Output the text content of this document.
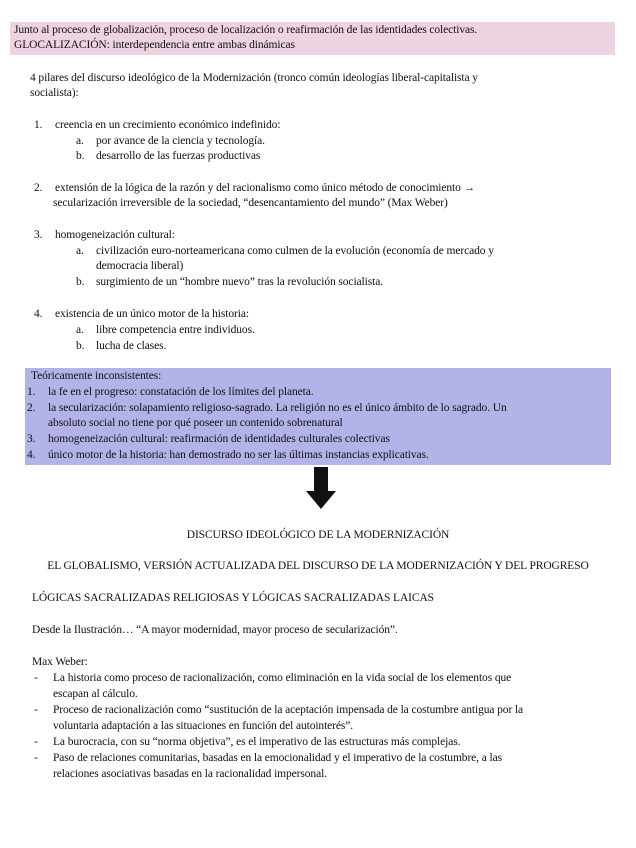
Junto al proceso de globalización, proceso de localización o reafirmación de las identidades colectivas.
GLOCALIZACIÓN: interdependencia entre ambas dinámicas
4 pilares del discurso ideológico de la Modernización (tronco común ideologías liberal-capitalista y
socialista):
1. creencia en un crecimiento económico indefinido:
a. por avance de la ciencia y tecnología.
b. desarrollo de las fuerzas productivas
2. extensión de la lógica de la razón y del racionalismo como único método de conocimiento →
secularización irreversible de la sociedad, “desencantamiento del mundo” (Max Weber)
3. homogeneización cultural:
a. civilización euro-norteamericana como culmen de la evolución (economía de mercado y
democracia liberal)
b. surgimiento de un “hombre nuevo” tras la revolución socialista.
4. existencia de un único motor de la historia:
a. libre competencia entre individuos.
b. lucha de clases.
Teóricamente inconsistentes:
1. la fe en el progreso: constatación de los límites del planeta.
2. la secularización: solapamiento religioso-sagrado. La religión no es el único ámbito de lo sagrado. Un
absoluto social no tiene por qué poseer un contenido sobrenatural
3. homogeneización cultural: reafirmación de identidades culturales colectivas
4. único motor de la historia: han demostrado no ser las últimas instancias explicativas.
DISCURSO IDEOLÓGICO DE LA MODERNIZACIÓN
EL GLOBALISMO, VERSIÓN ACTUALIZADA DEL DISCURSO DE LA MODERNIZACIÓN Y DEL PROGRESO
LÓGICAS SACRALIZADAS RELIGIOSAS Y LÓGICAS SACRALIZADAS LAICAS
Desde la Ilustración… “A mayor modernidad, mayor proceso de secularización”.
Max Weber:
- La historia como proceso de racionalización, como eliminación en la vida social de los elementos que
escapan al cálculo.
- Proceso de racionalización como “sustitución de la aceptación impensada de la costumbre antigua por la
voluntaria adaptación a las situaciones en función del autointerés”.
- La burocracia, con su “norma objetiva”, es el imperativo de las estructuras más complejas.
- Paso de relaciones comunitarias, basadas en la emocionalidad y el imperativo de la costumbre, a las
relaciones asociativas basadas en la racionalidad impersonal.
